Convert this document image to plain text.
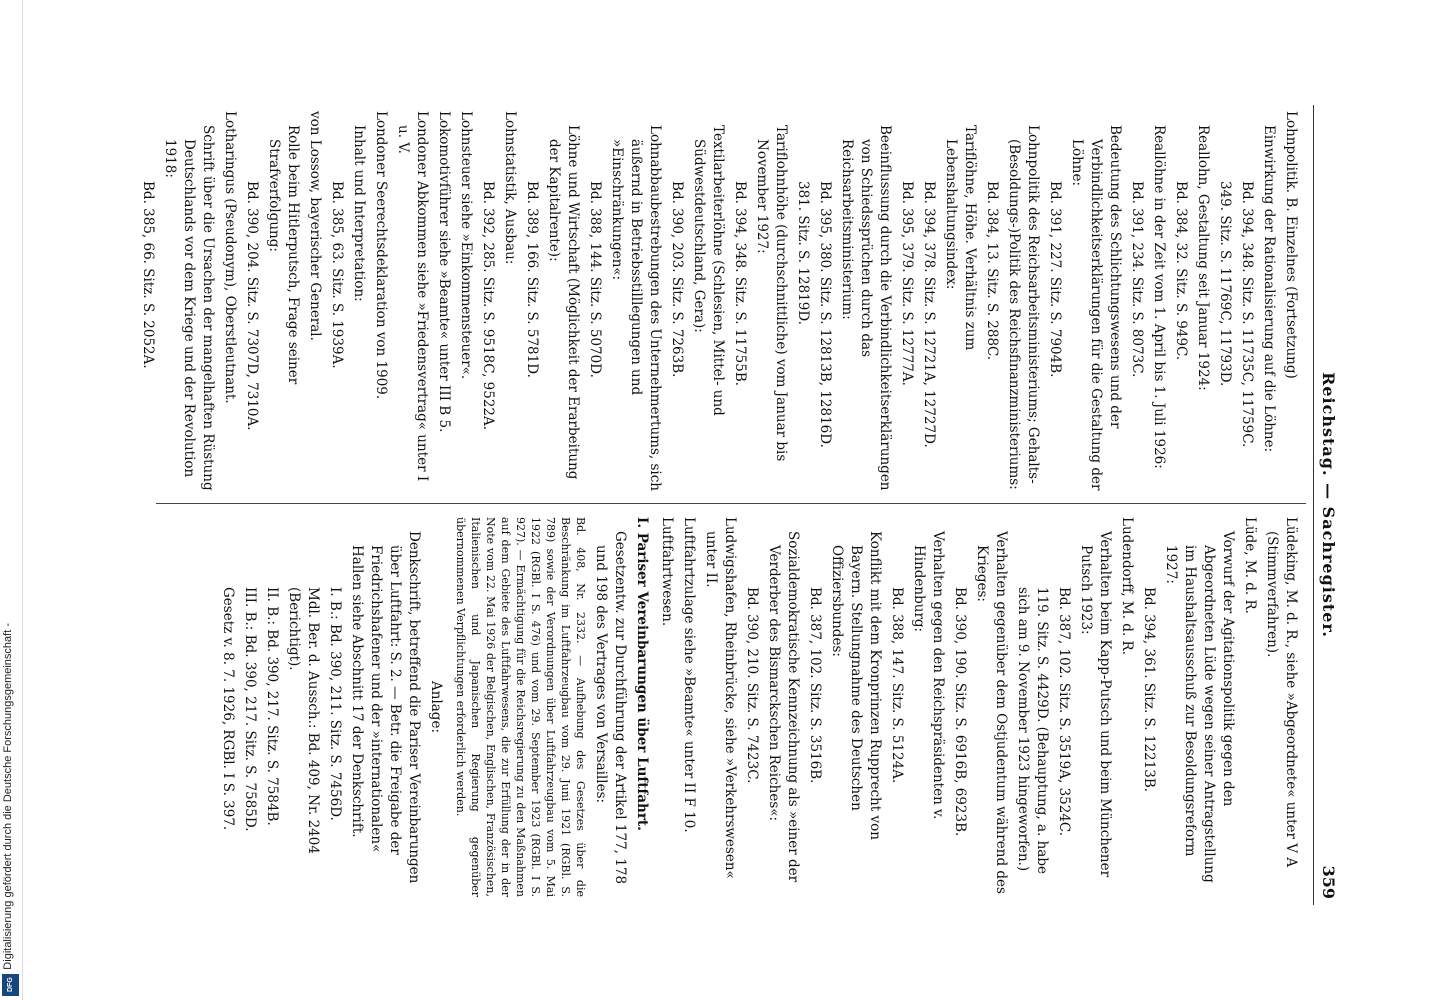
Digitalisierung gefördert durch die Deutsche Forschungsgemeinschaft -
DFG
Reichstag. — Sachregister.
359
Lohnpolitik. B. Einzelnes (Fortsetzung)
Einwirkung der Rationalisierung auf die Löhne:
Bd. 394, 348. Sitz. S. 11735C, 11759C.
349. Sitz. S. 11769C, 11793D.
Reallohn, Gestaltung seit Januar 1924:
Bd. 384, 32. Sitz. S. 949C.
Reallöhne in der Zeit vom 1. April bis 1. Juli 1926:
Bd. 391, 234. Sitz. S. 8073C.
Bedeutung des Schlichtungswesens und der Verbindlichkeitserklärungen für die Gestaltung der Löhne:
Bd. 391, 227. Sitz. S. 7904B.
Lohnpolitik des Reichsarbeitsministeriums; Gehalts-(Besoldungs-)Politik des Reichsfinanzministeriums:
Bd. 384, 13. Sitz. S. 288C.
Tariflöhne, Höhe. Verhältnis zum Lebenshaltungsindex:
Bd. 394, 378. Sitz. S. 12721A, 12727D.
Bd. 395, 379. Sitz. S. 12777A.
Beeinflussung durch die Verbindlichkeitserklärungen von Schiedssprüchen durch das Reichsarbeitsministerium:
Bd. 395, 380. Sitz. S. 12813B, 12816D.
381. Sitz. S. 12819D.
Tariflohnhöhe (durchschnittliche) vom Januar bis November 1927:
Bd. 394, 348. Sitz. S. 11755B.
Textilarbeiterlöhne (Schlesien, Mittel- und Südwestdeutschland, Gera):
Bd. 390, 203. Sitz. S. 7263B.
Lohnabbaubestrebungen des Unternehmertums, sich äußernd in Betriebsstilllegungen und »Einschränkungen«:
Bd. 388, 144. Sitz. S. 5070D.
Löhne und Wirtschaft (Möglichkeit der Erarbeitung der Kapitalrente):
Bd. 389, 166. Sitz. S. 5781D.
Lohnstatistik, Ausbau:
Bd. 392, 285. Sitz. S. 9518C, 9522A.
Lohnsteuer siehe »Einkommensteuer«.
Lokomotivführer siehe »Beamte« unter III B 5.
Londoner Abkommen siehe »Friedensvertrag« unter I u. V.
Londoner Seerechtsdeklaration von 1909.
Inhalt und Interpretation:
Bd. 385, 63. Sitz. S. 1939A.
von Lossow, bayerischer General.
Rolle beim Hitlerputsch, Frage seiner Strafverfolgung:
Bd. 390, 204. Sitz. S. 7307D, 7310A.
Lotharingus (Pseudonym), Oberstleutnant.
Schrift über die Ursachen der mangelhaften Rüstung Deutschlands vor dem Kriege und der Revolution 1918:
Bd. 385, 66. Sitz. S. 2052A.
Lüdeking, M. d. R., siehe »Abgeordnete« unter V A (Stimmverfahren).
Lüde, M. d. R.
Vorwurf der Agitationspolitik gegen den Abgeordneten Lüde wegen seiner Antragstellung im Haushaltsausschuß zur Besoldungsreform 1927:
Bd. 394, 361. Sitz. S. 12213B.
Ludendorff, M. d. R.
Verhalten beim Kapp-Putsch und beim Münchener Putsch 1923:
Bd. 387, 102. Sitz. S. 3519A, 3524C.
119. Sitz. S. 4429D. (Behauptung, a. habe sich am 9. November 1923 hingeworfen.)
Verhalten gegenüber dem Ostjudentum während des Krieges:
Bd. 390, 190. Sitz. S. 6916B, 6923B.
Verhalten gegen den Reichspräsidenten v. Hindenburg:
Bd. 388, 147. Sitz. S. 5124A.
Konflikt mit dem Kronprinzen Rupprecht von Bayern. Stellungnahme des Deutschen Offiziersbundes:
Bd. 387, 102. Sitz. S. 3516B.
Sozialdemokratische Kennzeichnung als »einer der Verderber des Bismarckschen Reiches«:
Bd. 390, 210. Sitz. S. 7423C.
Ludwigshafen, Rheinbrücke, siehe »Verkehrswesen« unter II.
Luftfahrtzulage siehe »Beamte« unter II F 10.
Luftfahrtwesen.
I. Pariser Vereinbarungen über Luftfahrt.
Gesetzentw. zur Durchführung der Artikel 177, 178 und 198 des Vertrages von Versailles:
Bd. 408, Nr. 2332. — Aufhebung des Gesetzes über die Beschränkung im Luftfahrzeugbau vom 29. Juni 1921 (RGBl. S. 789) sowie der Verordnungen über Luftfahrzeugbau vom 5. Mai 1922 (RGBl. I S. 476) und vom 29. September 1923 (RGBl. I S. 927). — Ermächtigung für die Reichsregierung zu den Maßnahmen auf dem Gebiete des Luftfahrwesens, die zur Erfüllung der in der Note vom 22. Mai 1926 der Belgischen, Englischen, Französischen, Italienischen und Japanischen Regierung gegenüber übernommenen Verpflichtungen erforderlich werden.
Anlage:
Denkschrift, betreffend die Pariser Vereinbarungen über Luftfahrt: S. 2. — Betr. die Freigabe der Friedrichshafener und der »internationalen« Hallen siehe Abschnitt 17 der Denkschrift.
I. B.: Bd. 390, 211. Sitz. S. 7456D.
Mdl. Ber. d. Aussch.: Bd. 409, Nr. 2404 (Berichtigt).
II. B.: Bd. 390, 217. Sitz. S. 7584B.
III. B.: Bd. 390, 217. Sitz. S. 7585D.
Gesetz v. 8. 7. 1926, RGBl. I S. 397.
